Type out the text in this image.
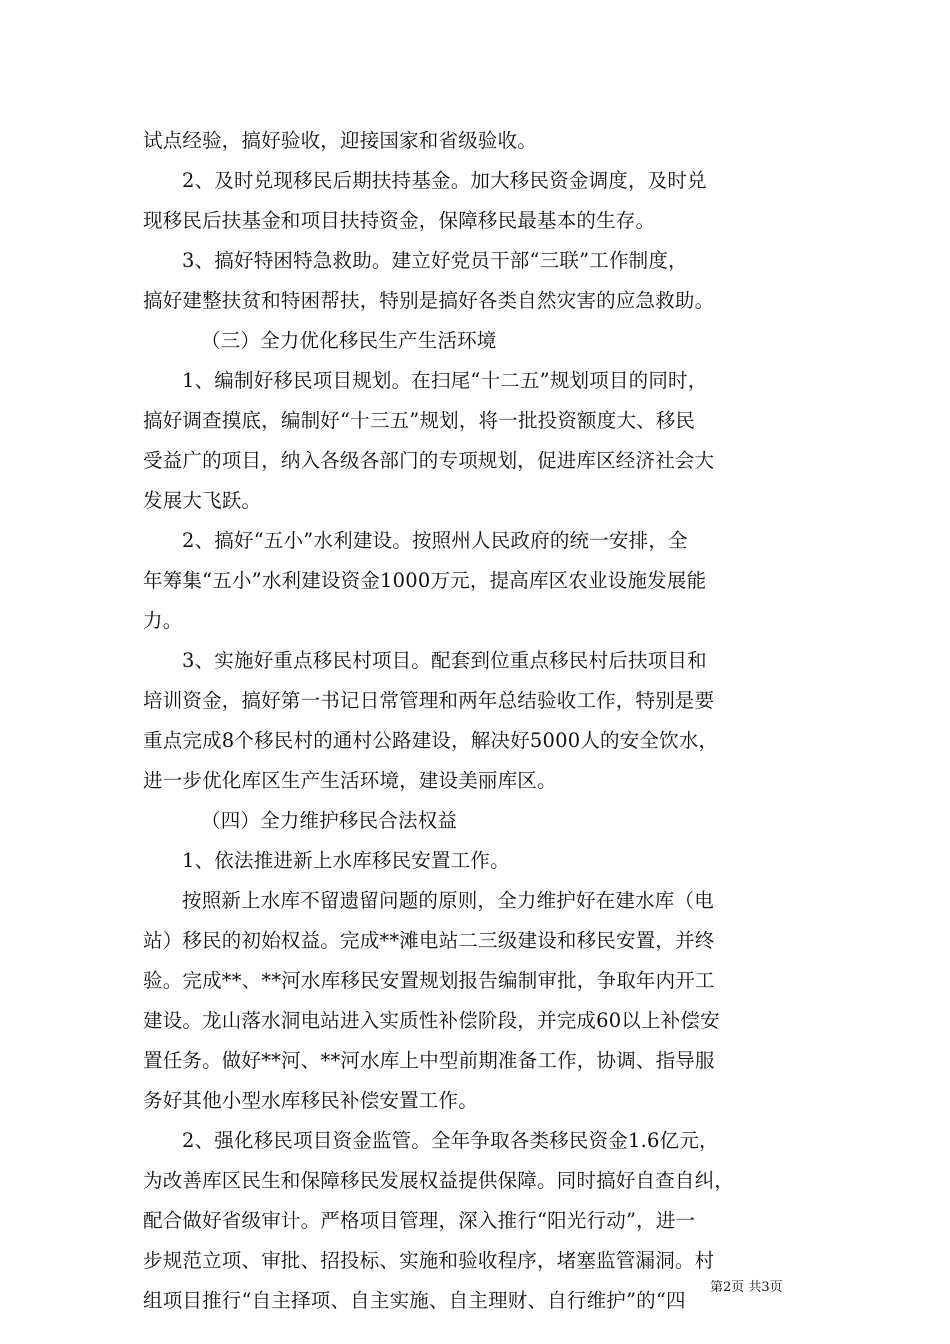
试点经验，搞好验收，迎接国家和省级验收。
2、及时兑现移民后期扶持基金。加大移民资金调度，及时兑
现移民后扶基金和项目扶持资金，保障移民最基本的生存。
3、搞好特困特急救助。建立好党员干部“三联”工作制度，
搞好建整扶贫和特困帮扶，特别是搞好各类自然灾害的应急救助。
（三）全力优化移民生产生活环境
1、编制好移民项目规划。在扫尾“十二五”规划项目的同时，
搞好调查摸底，编制好“十三五”规划，将一批投资额度大、移民
受益广的项目，纳入各级各部门的专项规划，促进库区经济社会大
发展大飞跃。
2、搞好“五小”水利建设。按照州人民政府的统一安排，全
年筹集“五小”水利建设资金1000万元，提高库区农业设施发展能
力。
3、实施好重点移民村项目。配套到位重点移民村后扶项目和
培训资金，搞好第一书记日常管理和两年总结验收工作，特别是要
重点完成8个移民村的通村公路建设，解决好5000人的安全饮水，
进一步优化库区生产生活环境，建设美丽库区。
（四）全力维护移民合法权益
1、依法推进新上水库移民安置工作。
按照新上水库不留遗留问题的原则，全力维护好在建水库（电
站）移民的初始权益。完成**滩电站二三级建设和移民安置，并终
验。完成**、**河水库移民安置规划报告编制审批，争取年内开工
建设。龙山落水洞电站进入实质性补偿阶段，并完成60以上补偿安
置任务。做好**河、**河水库上中型前期准备工作，协调、指导服
务好其他小型水库移民补偿安置工作。
2、强化移民项目资金监管。全年争取各类移民资金1.6亿元，
为改善库区民生和保障移民发展权益提供保障。同时搞好自查自纠，
配合做好省级审计。严格项目管理，深入推行“阳光行动”，进一
步规范立项、审批、招投标、实施和验收程序，堵塞监管漏洞。村
组项目推行“自主择项、自主实施、自主理财、自行维护”的“四
第2页 共3页
